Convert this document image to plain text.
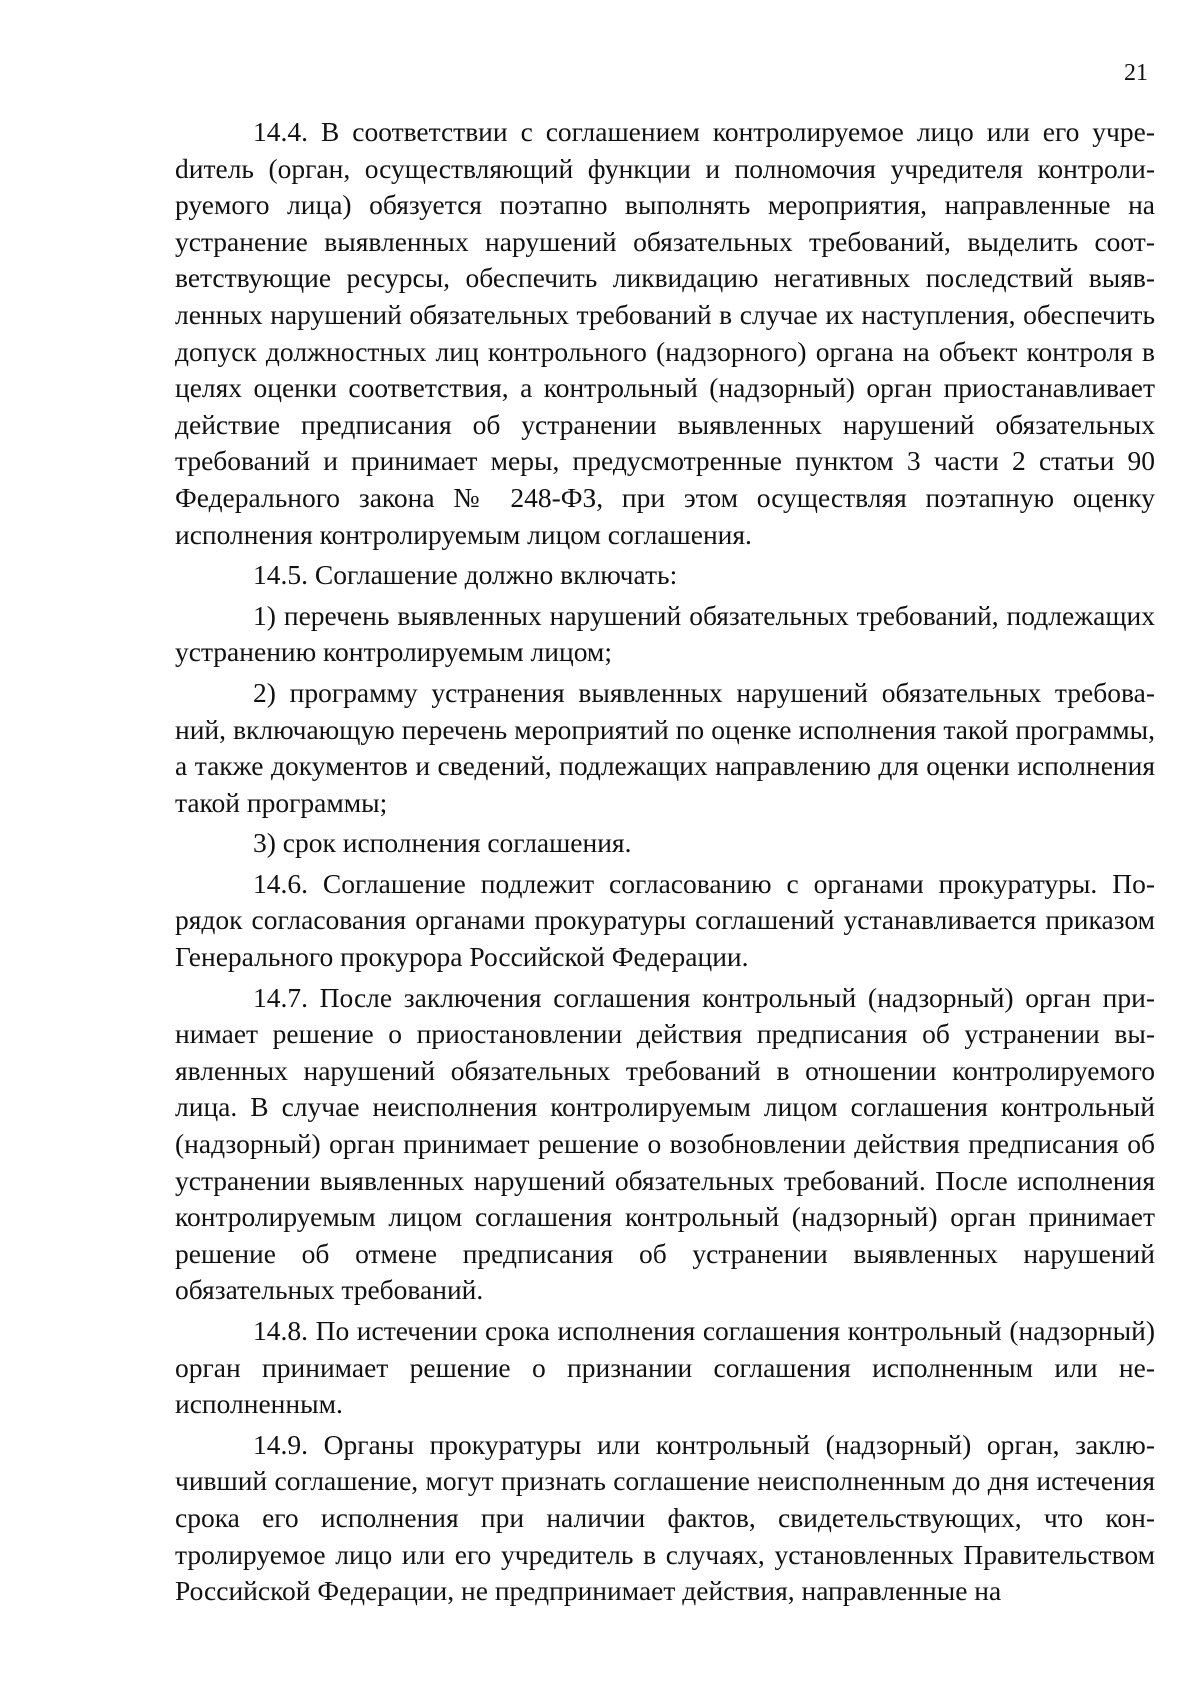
21

14.4. В соответствии с соглашением контролируемое лицо или его учреdитель (орган, осуществляющий функции и полномочия учредителя контролируемого лица) обязуется поэтапно выполнять мероприятия, направленные на устранение выявленных нарушений обязательных требований, выделить соответствующие ресурсы, обеспечить ликвидацию негативных последствий выявленных нарушений обязательных требований в случае их наступления, обеспечить допуск должностных лиц контрольного (надзорного) органа на объект контроля в целях оценки соответствия, а контрольный (надзорный) орган приостанавливает действие предписания об устранении выявленных нарушений обязательных требований и принимает меры, предусмотренные пунктом 3 части 2 статьи 90 Федерального закона № 248-ФЗ, при этом осуществляя поэтапную оценку исполнения контролируемым лицом соглашения.

14.5. Соглашение должно включать:

1) перечень выявленных нарушений обязательных требований, подлежащих устранению контролируемым лицом;

2) программу устранения выявленных нарушений обязательных требований, включающую перечень мероприятий по оценке исполнения такой программы, а также документов и сведений, подлежащих направлению для оценки исполнения такой программы;

3) срок исполнения соглашения.

14.6. Соглашение подлежит согласованию с органами прокуратуры. Порядок согласования органами прокуратуры соглашений устанавливается приказом Генерального прокурора Российской Федерации.

14.7. После заключения соглашения контрольный (надзорный) орган принимает решение о приостановлении действия предписания об устранении выявленных нарушений обязательных требований в отношении контролируемого лица. В случае неисполнения контролируемым лицом соглашения контрольный (надзорный) орган принимает решение о возобновлении действия предписания об устранении выявленных нарушений обязательных требований. После исполнения контролируемым лицом соглашения контрольный (надзорный) орган принимает решение об отмене предписания об устранении выявленных нарушений обязательных требований.

14.8. По истечении срока исполнения соглашения контрольный (надзорный) орган принимает решение о признании соглашения исполненным или неисполненным.

14.9. Органы прокуратуры или контрольный (надзорный) орган, заключивший соглашение, могут признать соглашение неисполненным до дня истечения срока его исполнения при наличии фактов, свидетельствующих, что контролируемое лицо или его учредитель в случаях, установленных Правительством Российской Федерации, не предпринимает действия, направленные на
